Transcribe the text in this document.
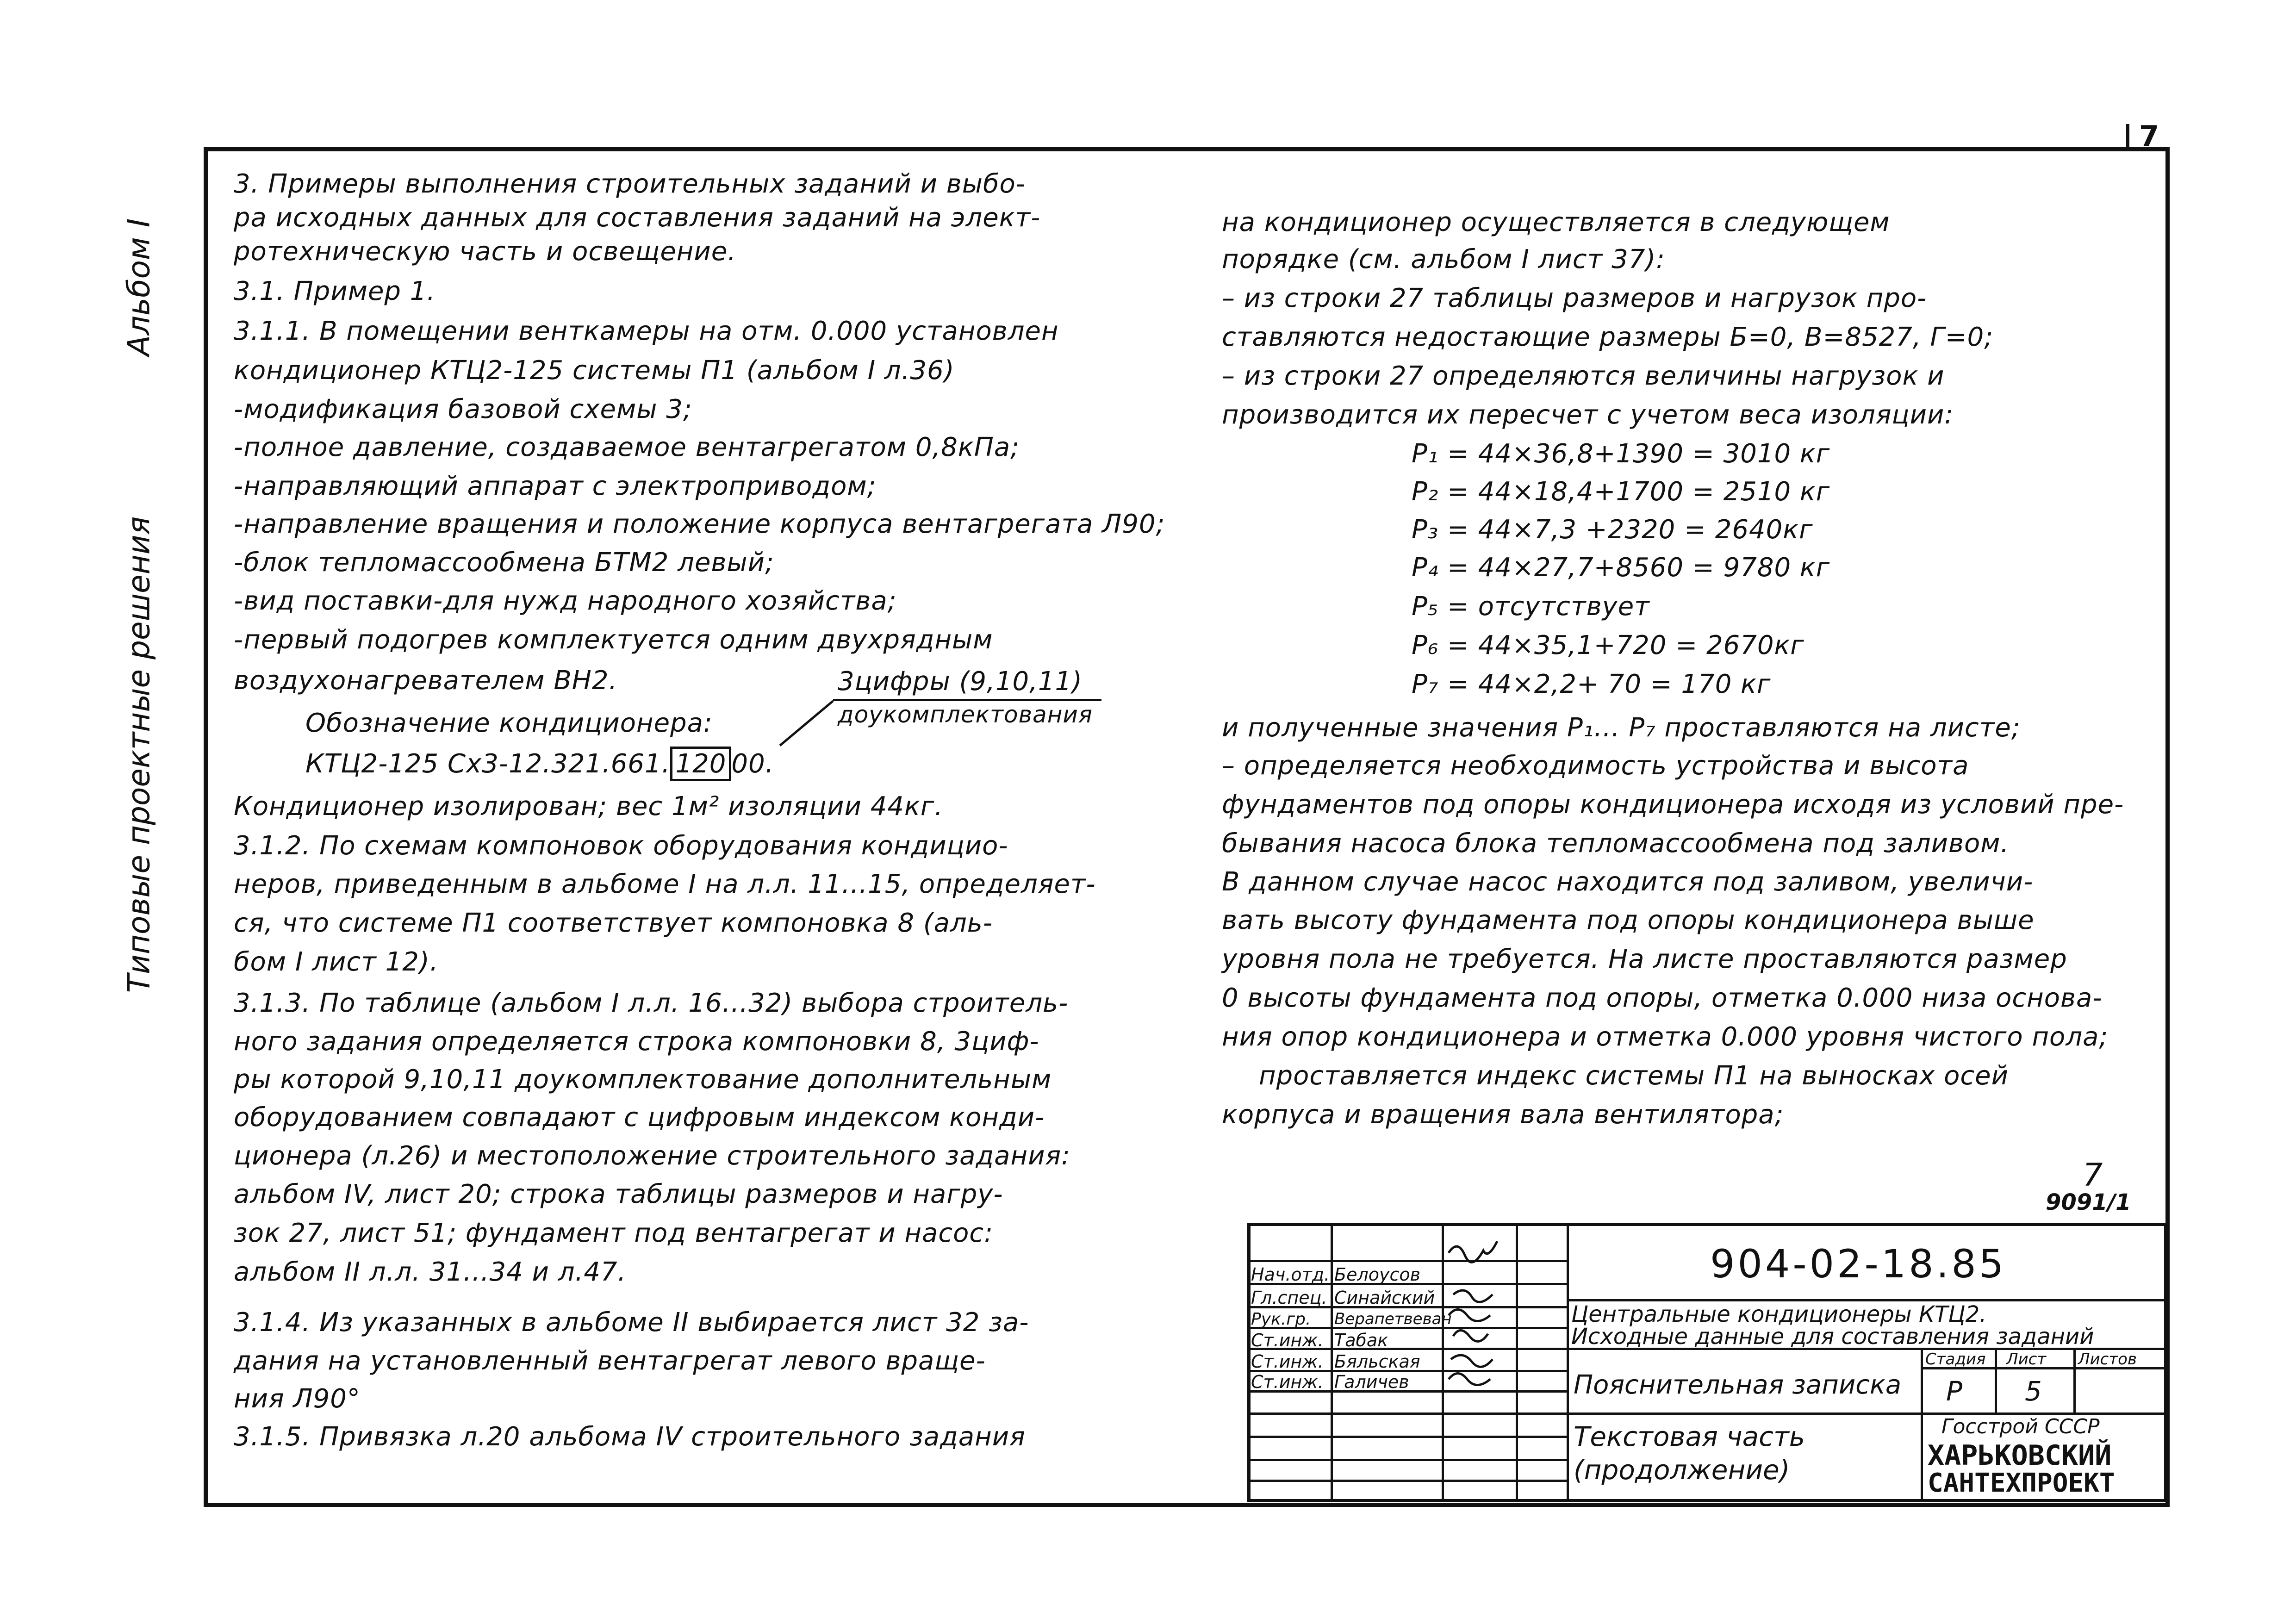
7
Альбом I
Типовые проектные решения
3. Примеры выполнения строительных заданий и выбо-
ра исходных данных для составления заданий на элект-
ротехническую часть и освещение.
3.1. Пример 1.
3.1.1. В помещении венткамеры на отм. 0.000 установлен
кондиционер КТЦ2-125 системы П1 (альбом I л.36)
-модификация базовой схемы 3;
-полное давление, создаваемое вентагрегатом 0,8кПа;
-направляющий аппарат с электроприводом;
-направление вращения и положение корпуса вентагрегата Л90;
-блок тепломассообмена БТМ2 левый;
-вид поставки-для нужд народного хозяйства;
-первый подогрев комплектуется одним двухрядным
воздухонагревателем ВН2.
Обозначение кондиционера:
КТЦ2-125 Сх3-12.321.661. 120 00.
3цифры (9,10,11)
доукомплектования
Кондиционер изолирован; вес 1м² изоляции 44кг.
3.1.2. По схемам компоновок оборудования кондицио-
неров, приведенным в альбоме I на л.л. 11...15, определяет-
ся, что системе П1 соответствует компоновка 8 (аль-
бом I лист 12).
3.1.3. По таблице (альбом I л.л. 16...32) выбора строитель-
ного задания определяется строка компоновки 8, 3циф-
ры которой 9,10,11 доукомплектование дополнительным
оборудованием совпадают с цифровым индексом конди-
ционера (л.26) и местоположение строительного задания:
альбом IV, лист 20; строка таблицы размеров и нагру-
зок 27, лист 51; фундамент под вентагрегат и насос:
альбом II л.л. 31...34 и л.47.
3.1.4. Из указанных в альбоме II выбирается лист 32 за-
дания на установленный вентагрегат левого враще-
ния Л90°
3.1.5. Привязка л.20 альбома IV строительного задания
на кондиционер осуществляется в следующем
порядке (см. альбом I лист 37):
– из строки 27 таблицы размеров и нагрузок про-
ставляются недостающие размеры Б=0, В=8527, Г=0;
– из строки 27 определяются величины нагрузок и
производится их пересчет с учетом веса изоляции:
P₁ = 44×36,8+1390 = 3010 кг
P₂ = 44×18,4+1700 = 2510 кг
P₃ = 44×7,3 +2320 = 2640кг
P₄ = 44×27,7+8560 = 9780 кг
P₅ = отсутствует
P₆ = 44×35,1+720 = 2670кг
P₇ = 44×2,2+ 70 = 170 кг
и полученные значения P₁... P₇ проставляются на листе;
– определяется необходимость устройства и высота
фундаментов под опоры кондиционера исходя из условий пре-
бывания насоса блока тепломассообмена под заливом.
В данном случае насос находится под заливом, увеличи-
вать высоту фундамента под опоры кондиционера выше
уровня пола не требуется. На листе проставляются размер
0 высоты фундамента под опоры, отметка 0.000 низа основа-
ния опор кондиционера и отметка 0.000 уровня чистого пола;
проставляется индекс системы П1 на выносках осей
корпуса и вращения вала вентилятора;
7
9091/1
Нач.отд. Белоусов
Гл.спец. Синайский
Рук.гр. Верапетвеван
Ст.инж. Табак
Ст.инж. Бяльская
Ст.инж. Галичев
904-02-18.85
Центральные кондиционеры КТЦ2.
Исходные данные для составления заданий
Пояснительная записка
Текстовая часть
(продолжение)
Стадия Лист Листов
Р 5
Госстрой СССР
ХАРЬКОВСКИЙ
САНТЕХПРОЕКТ
